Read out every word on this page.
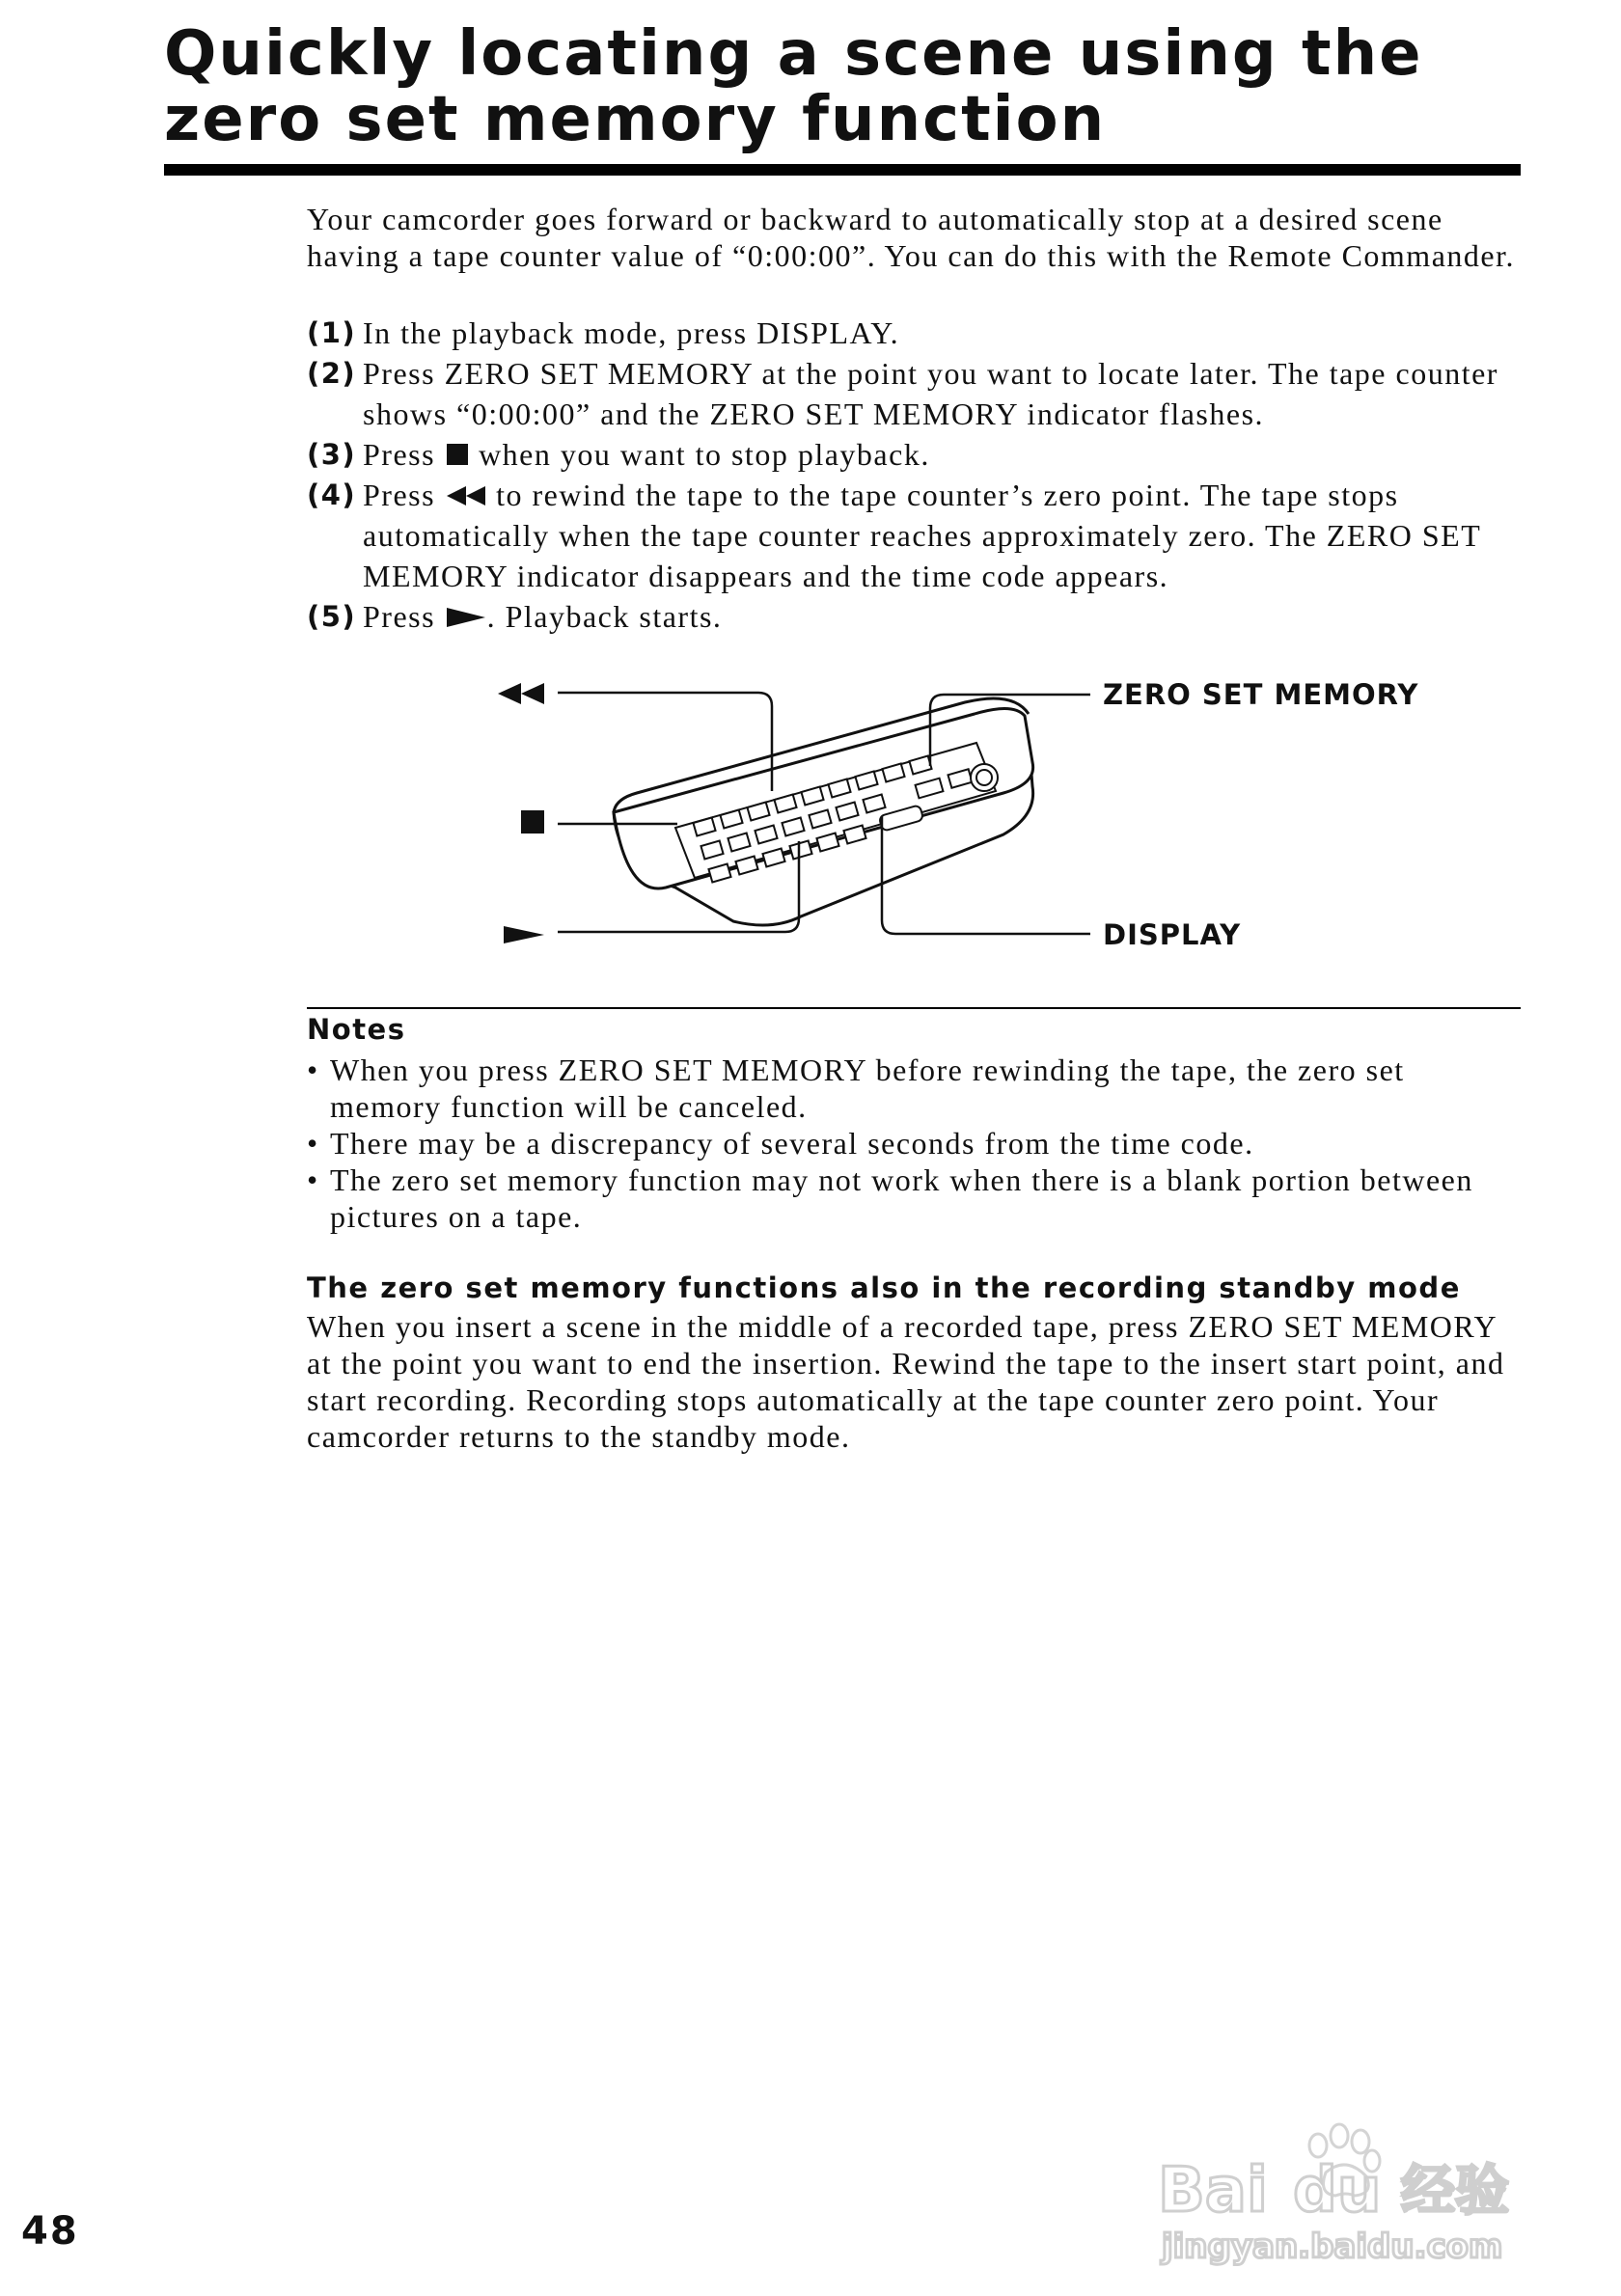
Quickly locating a scene using the zero set memory function

Your camcorder goes forward or backward to automatically stop at a desired scene having a tape counter value of “0:00:00”. You can do this with the Remote Commander.

(1) In the playback mode, press DISPLAY.
(2) Press ZERO SET MEMORY at the point you want to locate later. The tape counter shows “0:00:00” and the ZERO SET MEMORY indicator flashes.
(3) Press  when you want to stop playback.
(4) Press  to rewind the tape to the tape counter’s zero point. The tape stops automatically when the tape counter reaches approximately zero. The ZERO SET MEMORY indicator disappears and the time code appears.
(5) Press . Playback starts.
ZERO SET MEMORY
DISPLAY
Notes
• When you press ZERO SET MEMORY before rewinding the tape, the zero set memory function will be canceled.
• There may be a discrepancy of several seconds from the time code.
• The zero set memory function may not work when there is a blank portion between pictures on a tape.
The zero set memory functions also in the recording standby mode

When you insert a scene in the middle of a recorded tape, press ZERO SET MEMORY at the point you want to end the insertion. Rewind the tape to the insert start point, and start recording. Recording stops automatically at the tape counter zero point. Your camcorder returns to the standby mode.

48
Bai du 经验
jingyan.baidu.com
